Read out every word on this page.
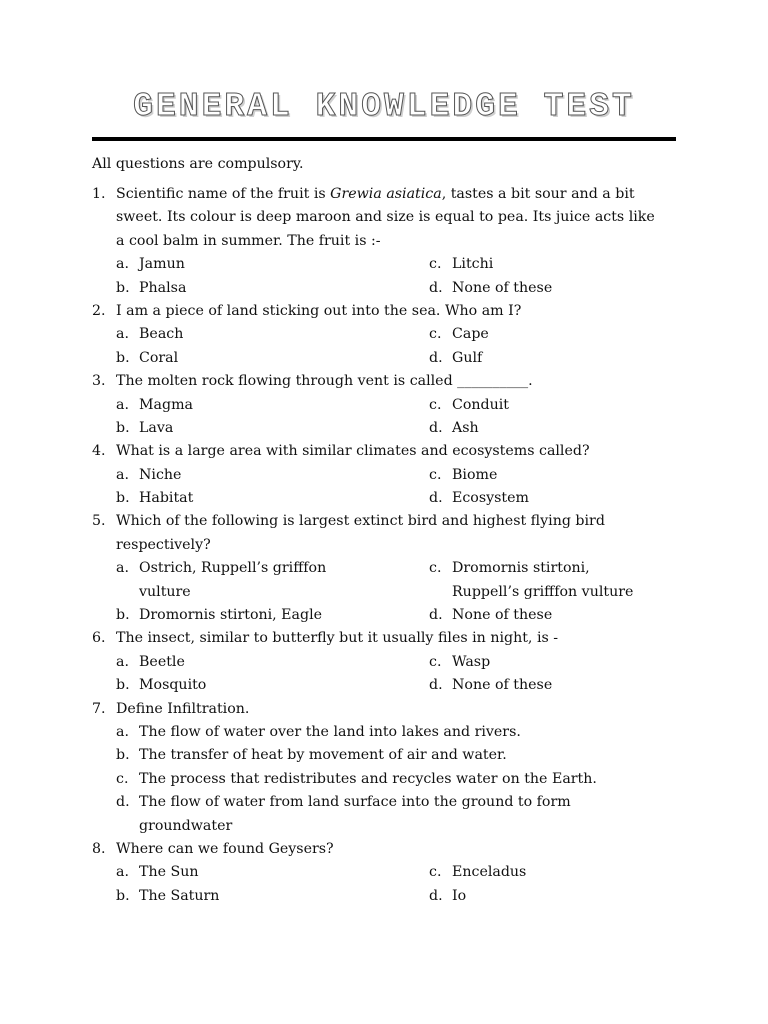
GENERAL KNOWLEDGE TEST
All questions are compulsory.
1. Scientific name of the fruit is Grewia asiatica, tastes a bit sour and a bit
sweet. Its colour is deep maroon and size is equal to pea. Its juice acts like
a cool balm in summer. The fruit is :-
a. Jamun	c. Litchi
b. Phalsa	d. None of these
2. I am a piece of land sticking out into the sea. Who am I?
a. Beach	c. Cape
b. Coral	d. Gulf
3. The molten rock flowing through vent is called __________.
a. Magma	c. Conduit
b. Lava	d. Ash
4. What is a large area with similar climates and ecosystems called?
a. Niche	c. Biome
b. Habitat	d. Ecosystem
5. Which of the following is largest extinct bird and highest flying bird
respectively?
a. Ostrich, Ruppell’s grifffon	c. Dromornis stirtoni,
vulture	Ruppell’s grifffon vulture
b. Dromornis stirtoni, Eagle	d. None of these
6. The insect, similar to butterfly but it usually files in night, is -
a. Beetle	c. Wasp
b. Mosquito	d. None of these
7. Define Infiltration.
a. The flow of water over the land into lakes and rivers.
b. The transfer of heat by movement of air and water.
c. The process that redistributes and recycles water on the Earth.
d. The flow of water from land surface into the ground to form
groundwater
8. Where can we found Geysers?
a. The Sun	c. Enceladus
b. The Saturn	d. Io
